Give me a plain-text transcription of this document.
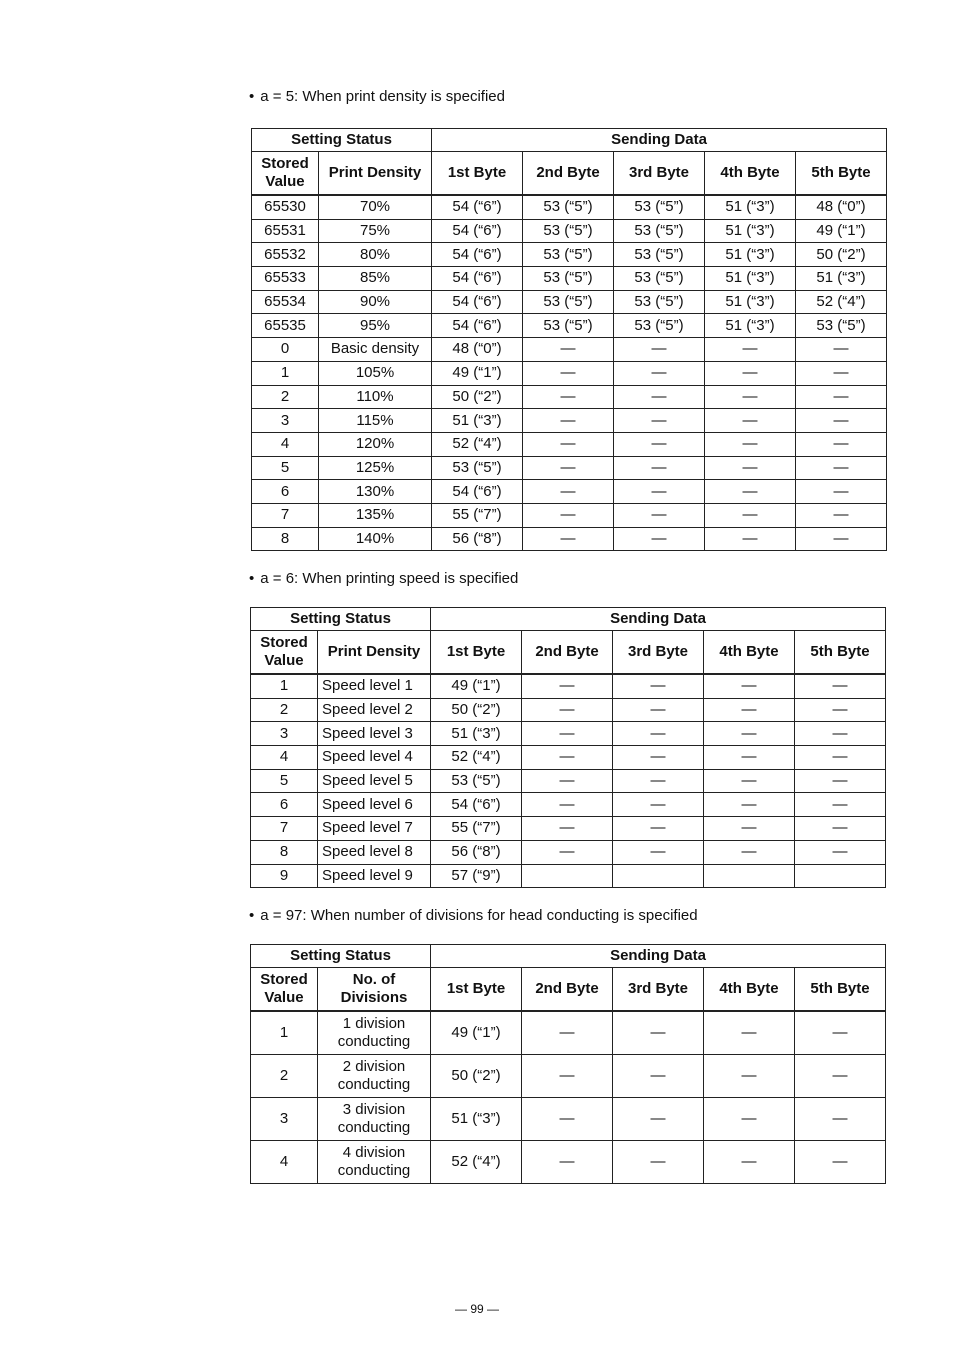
• a = 5: When print density is specified
Setting Status		Sending Data				
Stored Value	Print Density	1st Byte	2nd Byte	3rd Byte	4th Byte	5th Byte
65530	70%	54 (“6”)	53 (“5”)	53 (“5”)	51 (“3”)	48 (“0”)
65531	75%	54 (“6”)	53 (“5”)	53 (“5”)	51 (“3”)	49 (“1”)
65532	80%	54 (“6”)	53 (“5”)	53 (“5”)	51 (“3”)	50 (“2”)
65533	85%	54 (“6”)	53 (“5”)	53 (“5”)	51 (“3”)	51 (“3”)
65534	90%	54 (“6”)	53 (“5”)	53 (“5”)	51 (“3”)	52 (“4”)
65535	95%	54 (“6”)	53 (“5”)	53 (“5”)	51 (“3”)	53 (“5”)
0	Basic density	48 (“0”)	—	—	—	—
1	105%	49 (“1”)	—	—	—	—
2	110%	50 (“2”)	—	—	—	—
3	115%	51 (“3”)	—	—	—	—
4	120%	52 (“4”)	—	—	—	—
5	125%	53 (“5”)	—	—	—	—
6	130%	54 (“6”)	—	—	—	—
7	135%	55 (“7”)	—	—	—	—
8	140%	56 (“8”)	—	—	—	—
• a = 6: When printing speed is specified
Setting Status		Sending Data				
Stored Value	Print Density	1st Byte	2nd Byte	3rd Byte	4th Byte	5th Byte
1	Speed level 1	49 (“1”)	—	—	—	—
2	Speed level 2	50 (“2”)	—	—	—	—
3	Speed level 3	51 (“3”)	—	—	—	—
4	Speed level 4	52 (“4”)	—	—	—	—
5	Speed level 5	53 (“5”)	—	—	—	—
6	Speed level 6	54 (“6”)	—	—	—	—
7	Speed level 7	55 (“7”)	—	—	—	—
8	Speed level 8	56 (“8”)	—	—	—	—
9	Speed level 9	57 (“9”)				
• a = 97: When number of divisions for head conducting is specified
Setting Status		Sending Data				
Stored Value	No. of Divisions	1st Byte	2nd Byte	3rd Byte	4th Byte	5th Byte
1	1 division conducting	49 (“1”)	—	—	—	—
2	2 division conducting	50 (“2”)	—	—	—	—
3	3 division conducting	51 (“3”)	—	—	—	—
4	4 division conducting	52 (“4”)	—	—	—	—
— 99 —
